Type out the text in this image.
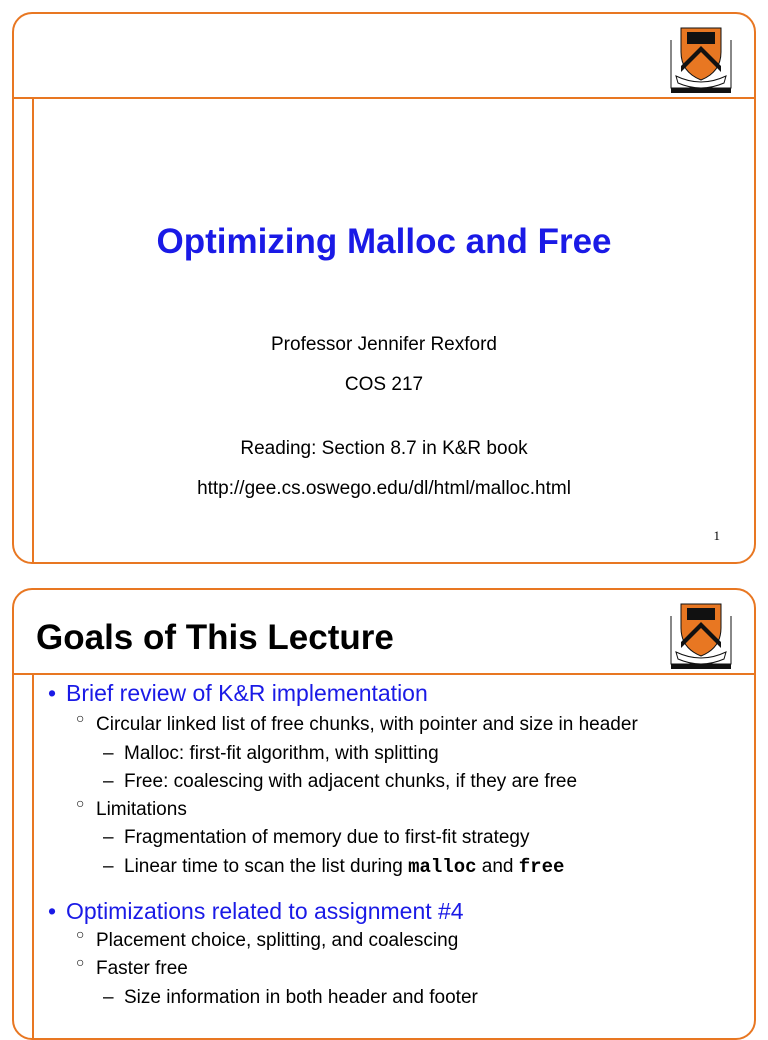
Optimizing Malloc and Free
Professor Jennifer Rexford
COS 217
Reading: Section 8.7 in K&R book
http://gee.cs.oswego.edu/dl/html/malloc.html
1
Goals of This Lecture
• Brief review of K&R implementation
○ Circular linked list of free chunks, with pointer and size in header
– Malloc: first-fit algorithm, with splitting
– Free: coalescing with adjacent chunks, if they are free
○ Limitations
– Fragmentation of memory due to first-fit strategy
– Linear time to scan the list during malloc and free
• Optimizations related to assignment #4
○ Placement choice, splitting, and coalescing
○ Faster free
– Size information in both header and footer
